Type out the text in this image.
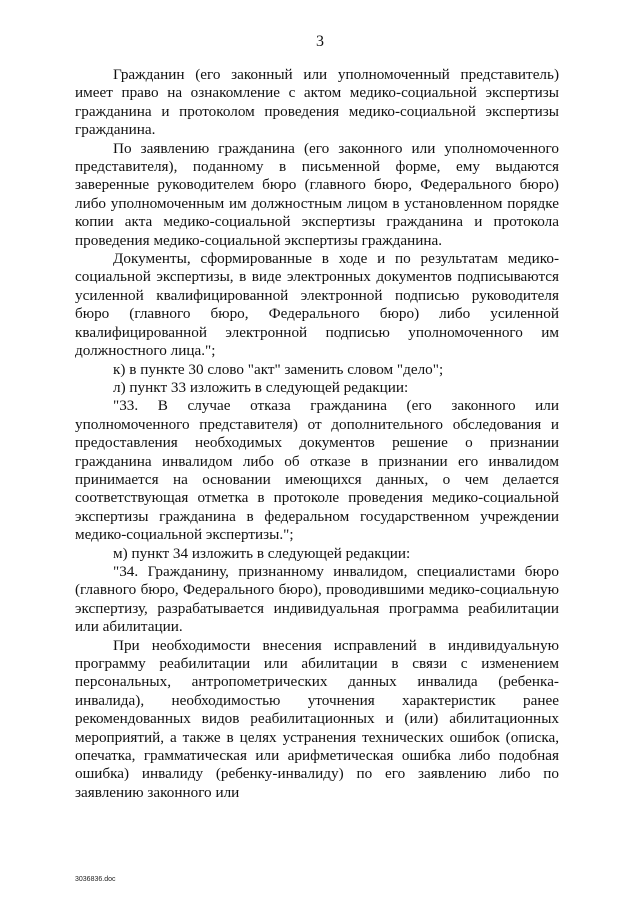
3

Гражданин (его законный или уполномоченный представитель) имеет право на ознакомление с актом медико-социальной экспертизы гражданина и протоколом проведения медико-социальной экспертизы гражданина.

По заявлению гражданина (его законного или уполномоченного представителя), поданному в письменной форме, ему выдаются заверенные руководителем бюро (главного бюро, Федерального бюро) либо уполномоченным им должностным лицом в установленном порядке копии акта медико-социальной экспертизы гражданина и протокола проведения медико-социальной экспертизы гражданина.

Документы, сформированные в ходе и по результатам медико-социальной экспертизы, в виде электронных документов подписываются усиленной квалифицированной электронной подписью руководителя бюро (главного бюро, Федерального бюро) либо усиленной квалифицированной электронной подписью уполномоченного им должностного лица.";

к) в пункте 30 слово "акт" заменить словом "дело";

л) пункт 33 изложить в следующей редакции:

"33. В случае отказа гражданина (его законного или уполномоченного представителя) от дополнительного обследования и предоставления необходимых документов решение о признании гражданина инвалидом либо об отказе в признании его инвалидом принимается на основании имеющихся данных, о чем делается соответствующая отметка в протоколе проведения медико-социальной экспертизы гражданина в федеральном государственном учреждении медико-социальной экспертизы.";

м) пункт 34 изложить в следующей редакции:

"34. Гражданину, признанному инвалидом, специалистами бюро (главного бюро, Федерального бюро), проводившими медико-социальную экспертизу, разрабатывается индивидуальная программа реабилитации или абилитации.

При необходимости внесения исправлений в индивидуальную программу реабилитации или абилитации в связи с изменением персональных, антропометрических данных инвалида (ребенка-инвалида), необходимостью уточнения характеристик ранее рекомендованных видов реабилитационных и (или) абилитационных мероприятий, а также в целях устранения технических ошибок (описка, опечатка, грамматическая или арифметическая ошибка либо подобная ошибка) инвалиду (ребенку-инвалиду) по его заявлению либо по заявлению законного или

3036836.doc
